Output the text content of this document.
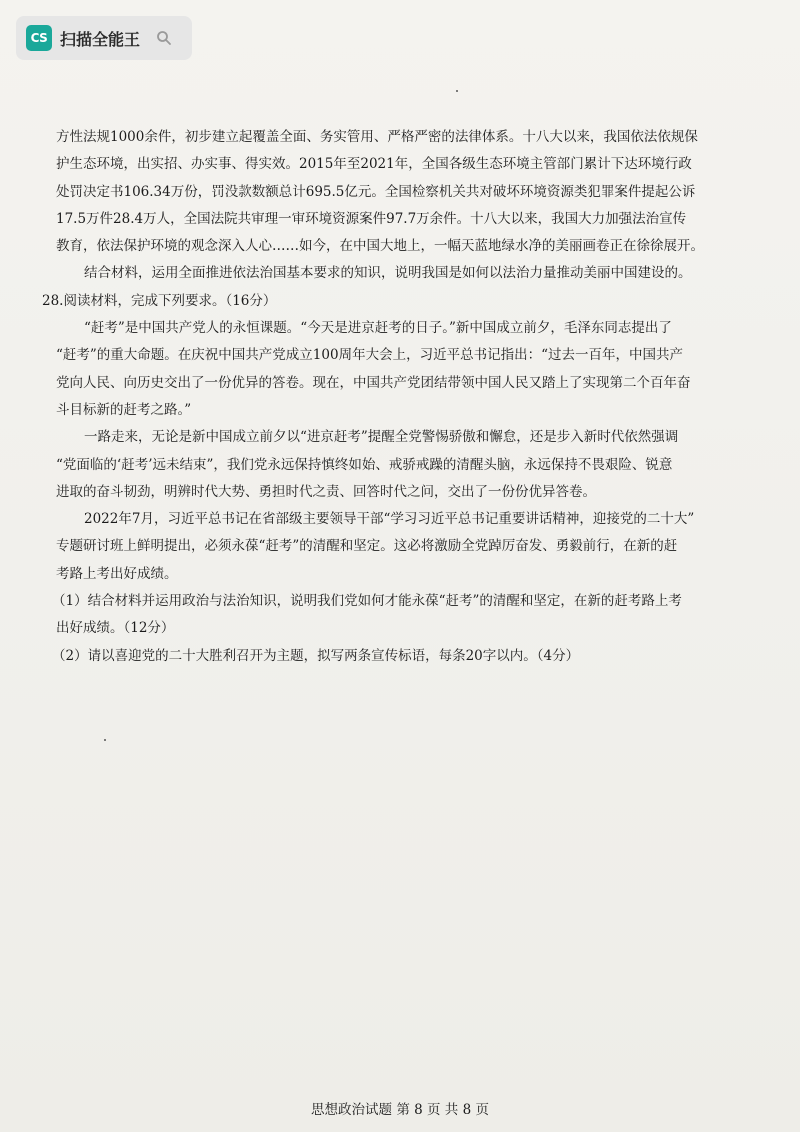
CS 扫描全能王

方性法规1000余件，初步建立起覆盖全面、务实管用、严格严密的法律体系。十八大以来，我国依法依规保

护生态环境，出实招、办实事、得实效。2015年至2021年，全国各级生态环境主管部门累计下达环境行政

处罚决定书106.34万份，罚没款数额总计695.5亿元。全国检察机关共对破坏环境资源类犯罪案件提起公诉

17.5万件28.4万人，全国法院共审理一审环境资源案件97.7万余件。十八大以来，我国大力加强法治宣传

教育，依法保护环境的观念深入人心……如今，在中国大地上，一幅天蓝地绿水净的美丽画卷正在徐徐展开。

结合材料，运用全面推进依法治国基本要求的知识，说明我国是如何以法治力量推动美丽中国建设的。

28.阅读材料，完成下列要求。（16分）

“赶考”是中国共产党人的永恒课题。“今天是进京赶考的日子。”新中国成立前夕，毛泽东同志提出了

“赶考”的重大命题。在庆祝中国共产党成立100周年大会上，习近平总书记指出：“过去一百年，中国共产

党向人民、向历史交出了一份优异的答卷。现在，中国共产党团结带领中国人民又踏上了实现第二个百年奋

斗目标新的赶考之路。”

一路走来，无论是新中国成立前夕以“进京赶考”提醒全党警惕骄傲和懈怠，还是步入新时代依然强调

“党面临的‘赶考’远未结束”，我们党永远保持慎终如始、戒骄戒躁的清醒头脑，永远保持不畏艰险、锐意

进取的奋斗韧劲，明辨时代大势、勇担时代之责、回答时代之问，交出了一份份优异答卷。

2022年7月，习近平总书记在省部级主要领导干部“学习习近平总书记重要讲话精神，迎接党的二十大”

专题研讨班上鲜明提出，必须永葆“赶考”的清醒和坚定。这必将激励全党踔厉奋发、勇毅前行，在新的赶

考路上考出好成绩。

（1）结合材料并运用政治与法治知识，说明我们党如何才能永葆“赶考”的清醒和坚定，在新的赶考路上考

出好成绩。（12分）

（2）请以喜迎党的二十大胜利召开为主题，拟写两条宣传标语，每条20字以内。（4分）

思想政治试题 第 8 页 共 8 页
